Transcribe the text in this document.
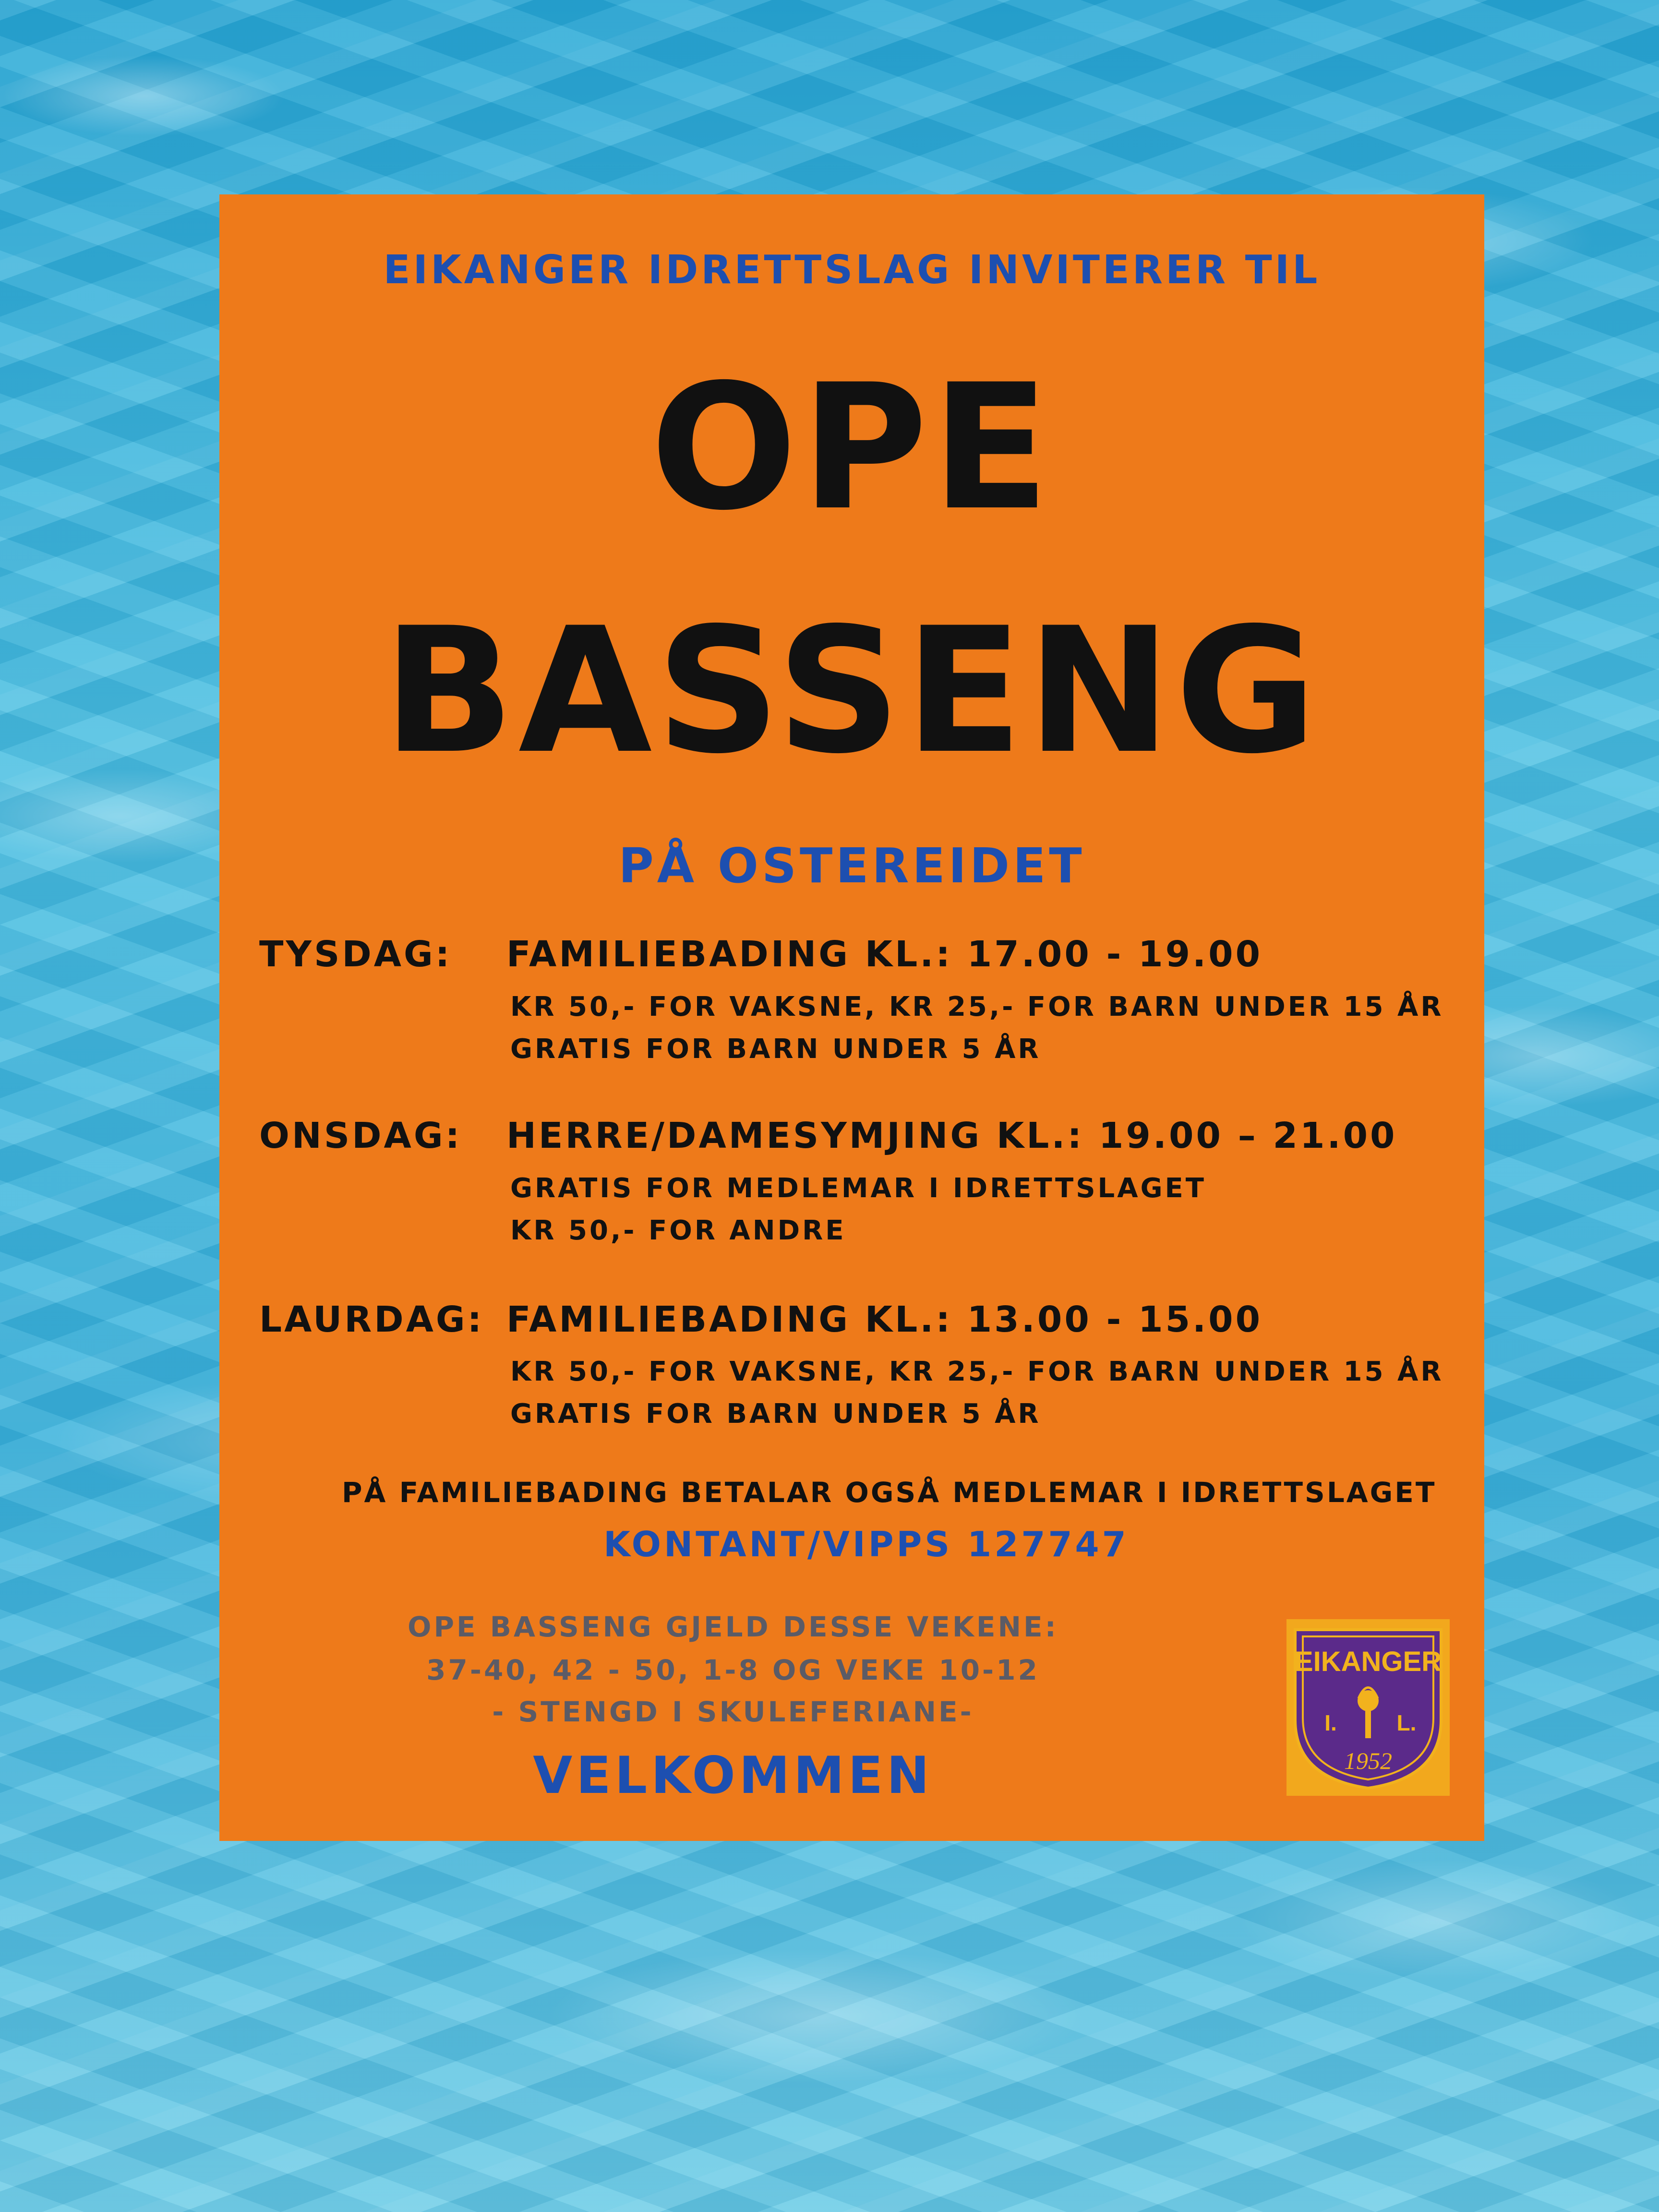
EIKANGER IDRETTSLAG INVITERER TIL
OPE
BASSENG
PÅ OSTEREIDET
TYSDAG: FAMILIEBADING KL.: 17.00 - 19.00
KR 50,- FOR VAKSNE, KR 25,- FOR BARN UNDER 15 ÅR
GRATIS FOR BARN UNDER 5 ÅR
ONSDAG: HERRE/DAMESYMJING KL.: 19.00 – 21.00
GRATIS FOR MEDLEMAR I IDRETTSLAGET
KR 50,- FOR ANDRE
LAURDAG: FAMILIEBADING KL.: 13.00 - 15.00
KR 50,- FOR VAKSNE, KR 25,- FOR BARN UNDER 15 ÅR
GRATIS FOR BARN UNDER 5 ÅR
PÅ FAMILIEBADING BETALAR OGSÅ MEDLEMAR I IDRETTSLAGET
KONTANT/VIPPS 127747
OPE BASSENG GJELD DESSE VEKENE:
37-40, 42 - 50, 1-8 OG VEKE 10-12
- STENGD I SKULEFERIANE-
VELKOMMEN
EIKANGER
I.	L.
1952
